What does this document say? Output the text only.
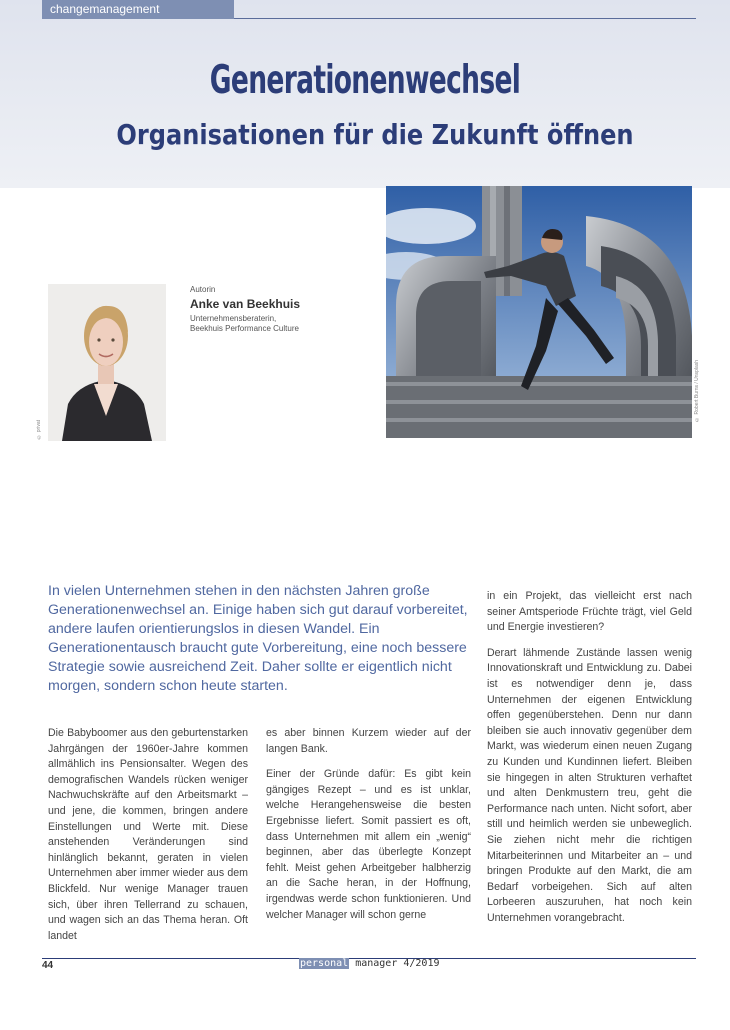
changemanagement
Generationenwechsel
Organisationen für die Zukunft öffnen
© privat
Autorin
Anke van Beekhuis
Unternehmensberaterin,
Beekhuis Performance Culture
© Robert Burns / Unsplash
In vielen Unternehmen stehen in den nächsten Jahren große Generationenwechsel an. Einige haben sich gut darauf vorbereitet, andere laufen orientierungslos in diesen Wandel. Ein Generationentausch braucht gute Vorbereitung, eine noch bessere Strategie sowie ausreichend Zeit. Daher sollte er eigentlich nicht morgen, sondern schon heute starten.

Die Babyboomer aus den geburtenstarken Jahrgängen der 1960er-Jahre kommen allmählich ins Pensionsalter. Wegen des demografischen Wandels rücken weniger Nachwuchskräfte auf den Arbeitsmarkt – und jene, die kommen, bringen andere Einstellungen und Werte mit. Diese anstehenden Veränderungen sind hinlänglich bekannt, geraten in vielen Unternehmen aber immer wieder aus dem Blickfeld. Nur wenige Manager trauen sich, über ihren Tellerrand zu schauen, und wagen sich an das Thema heran. Oft landet

es aber binnen Kurzem wieder auf der langen Bank.

Einer der Gründe dafür: Es gibt kein gängiges Rezept – und es ist unklar, welche Herangehensweise die besten Ergebnisse liefert. Somit passiert es oft, dass Unternehmen mit allem ein „wenig“ beginnen, aber das überlegte Konzept fehlt. Meist gehen Arbeitgeber halbherzig an die Sache heran, in der Hoffnung, irgendwas werde schon funktionieren. Und welcher Manager will schon gerne

in ein Projekt, das vielleicht erst nach seiner Amtsperiode Früchte trägt, viel Geld und Energie investieren?

Derart lähmende Zustände lassen wenig Innovationskraft und Entwicklung zu. Dabei ist es notwendiger denn je, dass Unternehmen der eigenen Entwicklung offen gegenüberstehen. Denn nur dann bleiben sie auch innovativ gegenüber dem Markt, was wiederum einen neuen Zugang zu Kunden und Kundinnen liefert. Bleiben sie hingegen in alten Strukturen verhaftet und alten Denkmustern treu, geht die Performance nach unten. Nicht sofort, aber still und heimlich werden sie unbeweglich. Sie ziehen nicht mehr die richtigen Mitarbeiterinnen und Mitarbeiter an – und bringen Produkte auf den Markt, die am Bedarf vorbeigehen. Sich auf alten Lorbeeren auszuruhen, hat noch kein Unternehmen vorangebracht.

44	personal manager 4/2019
